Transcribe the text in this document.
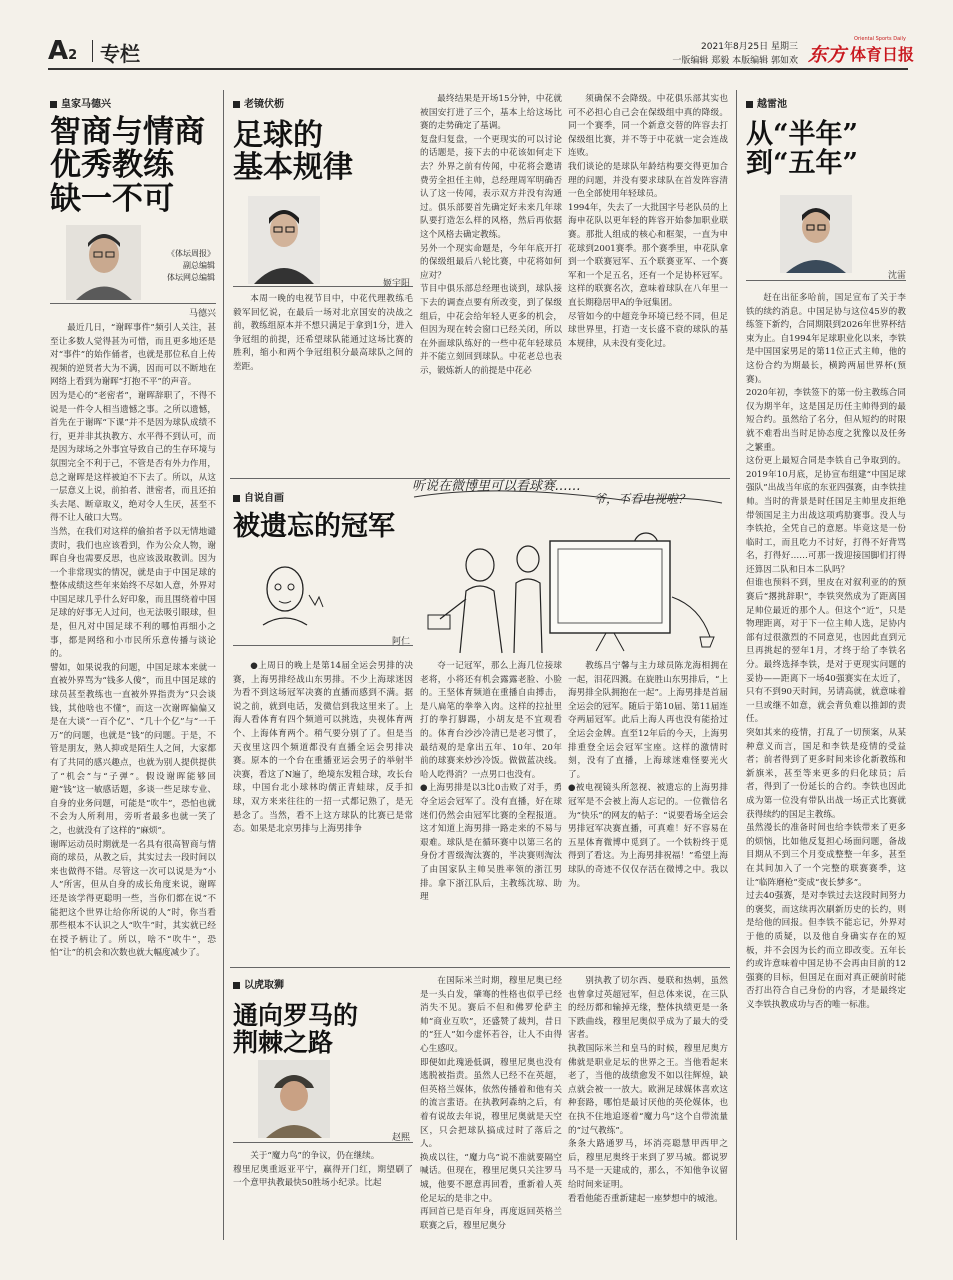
A2 专栏	2021年8月25日 星期三
一版编辑 郑毅 本版编辑 郭如欢
Oriental Sports Daily
东方 体育日报
皇家马德兴
智商与情商
优秀教练
缺一不可
《体坛周报》
副总编辑
体坛网总编辑
马德兴
最近几日，“谢晖事件”频引人关注，甚至让多数人觉得甚为可惜，而且更多地还是对“事件”的始作俑者，也就是那位私自上传视频的逆贤者大为不满，因而可以不断地在网络上看到为谢晖“打抱不平”的声音。
因为是心的“老密者”，谢晖辞职了，不得不说是一件令人相当遗憾之事。之所以遗憾，首先在于谢晖“下课”并不是因为球队成绩不行，更并非其执教方、水平得不到认可，而是因为球场之外事宜导致自己的生存环境与氛围完全不利于己，不管是否有外力作用，总之谢晖是这样被迫不下去了。所以，从这一层意义上说，前拍者、泄密者，而且还拍头去尾、断章取义，绝对令人生厌，甚至不得不让人破口大骂。
当然，在我们对这样的偷拍者予以无情地谴责时，我们也应该看到，作为公众人物，谢晖自身也需要反思，也应该汲取教训。因为一个非常现实的情况，就是由于中国足球的整体成绩这些年来始终不尽如人意，外界对中国足球几乎什么好印象，而且围绕着中国足球的好事无人过问，也无法吸引眼球，但是，但凡对中国足球不利的哪怕再细小之事，都是网络和小市民所乐意传播与谈论的。
譬如，如果说我的问题，中国足球本来就一直被外界骂为“钱多人傻”，而且中国足球的球员甚至教练也一直被外界指责为“只会谈钱，其他啥也不懂”，而这一次谢晖偏偏又是在大谈“一百个亿”、“几十个亿”与“一千万”的问题，也就是“钱”的问题。于是，不管是朋友，熟人抑或是陌生人之间，大家都有了共同的感兴趣点，也就为别人提供提供了“机会”与“子弹”。假设谢晖能够回避“钱”这一敏感话题，多谈一些足球专业、自身的业务问题，可能是“吹牛”，恐怕也就不会为人所利用，旁听者最多也就一笑了之，也就没有了这样的“麻烦”。
谢晖运动员时期就是一名具有很高智商与情商的球员，从教之后，其实过去一段时间以来也做得不错。尽管这一次可以说是为“小人”所害，但从自身的成长角度来说，谢晖还是该学得更聪明一些，当你们都在说“不能把这个世界让给你所说的人”时，你当看那些根本不认识之人“吹牛”时，其实就已经在授予柄让了。所以，啥不“吹牛”，恐怕“让”的机会和次数也就大幅度减少了。
老镜伏枥
足球的
基本规律
姬宇阳
本周一晚的电视节目中，中花代理教练毛毅军回忆说，在最后一场对北京国安的决战之前，教练组原本并不想只满足于拿到1分，进入争冠组的前提，还希望球队能通过这场比赛的胜利，缩小和两个争冠组积分最高球队之间的差距。
最终结果是开场15分钟，中花就被国安打进了三个，基本上给这场比赛的走势确定了基调。
复盘归复盘，一个更现实的可以讨论的话题是，接下去的中花该如何走下去？外界之前有传闻，中花将会邀请费劳全担任主帅，总经理周军明确否认了这一传闻，表示双方并没有沟通过。俱乐部要首先确定好未来几年球队要打造怎么样的风格，然后再依据这个风格去确定教练。
另外一个现实命题是，今年年底开打的保级组最后八轮比赛，中花将如何应对？
节目中俱乐部总经理也谈到，球队接下去的调查点要有所改变，到了保级组后，中花会给年轻人更多的机会，但因为现在转会窗口已经关闭，所以在外面球队练好的一些中花年轻球员并不能立刻回到球队。中花老总也表示，锻炼新人的前提是中花必
须确保不会降级。中花俱乐部其实也可不必担心自己会在保级组中真的降级。同一个赛季，同一个新意交替的阵容去打保级组比赛，并不等于中花就一定会连战连败。
我们谈论的是球队年龄结构要交得更加合理的问题，并没有要求球队在首发阵容清一色全部使用年轻球员。
1994年，失去了一大批国字号老队员的上海申花队以更年轻的阵容开始参加职业联赛。那批人组成的核心和框架，一直为申花球到2001赛季。那个赛季里，申花队拿到一个联赛冠军、五个联赛亚军、一个赛军和一个足五名，还有一个足协杯冠军。这样的联赛名次，意味着球队在八年里一直长期稳居甲A的争冠集团。
尽管如今的中超竞争环境已经不同，但足球世界里，打造一支长盛不衰的球队的基本规律，从未没有变化过。
越雷池
从“半年”
到“五年”
沈雷
赶在出征多哈前，国足宣布了关于李铁的续约消息。中国足协与这位45岁的教练签下新约，合同期限到2026年世界杯结束为止。自1994年足球职业化以来，李铁是中国国家男足的第11位正式主帅，他的这份合约为期最长，横跨两届世界杯(预赛)。
2020年初，李铁签下的第一份主教练合同仅为期半年，这是国足历任主帅得到的最短合约。虽然给了名分，但从短约的时限就不难看出当时足协态度之犹豫以及任务之繁重。
这份更上最短合同是李铁自己争取到的。2019年10月底，足协宣布组建“中国足球强队”出战当年底的东亚四强赛，由李铁挂帅。当时的背景是时任国足主帅里皮拒绝带领国足主力出战这项鸡肋赛事。没人与李铁抢，全凭自己的意愿。毕竟这是一份临时工，而且吃力不讨好，打得不好背骂名，打得好……可那一拨迎接国脚们打得还算因二队和日本二队吗？
但谁也预料不到，里皮在对叙利亚的的预赛后“撂挑辞职”，李铁突然成为了距离国足帅位最近的那个人。但这个“近”，只是物理距离，对于下一位主帅人选，足协内部有过很激烈的不同意见，也因此直到元旦再挑起的翌年1月，才终于给了李铁名分。最终选择李铁，是对于更现实问题的妥协——距离下一场40强赛实在太近了，只有不到90天时间，另请高就，就意味着一旦或继不如意，就会背负难以推卸的责任。
突如其来的疫情，打乱了一切预案，从某种意义而言，国足和李铁是疫情的受益者；前者得到了更多时间来诊化新教练和新旗米，甚至等来更多的归化球员；后者，得到了一份延长的合约。李铁也因此成为第一位没有带队出战一场正式比赛就获得续约的国足主教练。
虽然漫长的准备时间也给李铁带来了更多的烦恼，比如他反复担心场面问题，备战目期从不到三个月变成整整一年多，甚至在其间加入了一个完整的联赛赛季，这让“临阵磨枪”变成“夜长梦多”。
过去40强赛，是对李铁过去这段时间努力的褒奖，而这续再次刷新历史的长约，则是给他的回报。但李铁不能忘记，外界对于他的质疑，以及他自身确实存在的短板，并不会因为长约而立即改变。五年长约或许意味着中国足协不会再由目前的12强赛的目标，但国足在面对真正硬前时能否打出符合自己身份的内容，才是最终定义李铁执教成功与否的唯一标准。
自说自画
被遗忘的冠军
阿仁
听说在微博里可以看球赛……
爷，不看电视啦？
●上周日的晚上是第14届全运会男排的决赛，上海男排经战山东男排。不少上海球迷因为看不到这场冠军决赛的直播而感到不满。据说之前，就到电话，发微信到我这里来了。上海人看体育有四个频道可以挑选，央视体育两个、上海体育两个。稍气要分别了了。但是当天夜里这四个频道都没有直播全运会男排决赛。原本的一个台在重播亚运会男子的举射半决赛，看这了N遍了，绝境东发粗合球，攻长台球，中国台北小球林昀儒正青蛙球，反手扣球，双方来来往往的一招一式都记熟了，是无悬念了。当然，看不上这方球队的比赛已是常态。如果是北京男排与上海男排争
夺一记冠军，那么上海几位接球老将，小将还有机会露露老脸、小脸的。王坚体育频道在重播自由搏击，是八扁笔的拳拳入肉。这样的拉扯里打的拳打脚踢，小胡友是不宜观看的。体育台沙沙冷清已是老习惯了，最结观的是拿出五年、10年、20年前的球赛来炒沙冷饭。做做蓝决线。哈人吃得消？一点男口也没有。
●上海男排是以3比0击败了对手，勇夺全运会冠军了。没有直播，好在球迷们仍然会由冠军比赛的全程报道。这才知道上海男排一路走来的不易与艰难。球队是在循环赛中以第三名的身份才晋级淘汰赛的，半决赛则淘汰了由国家队主帅吴胜率领的浙江男排。拿下浙江队后，主教练沈琼、助理
教练吕宁馨与主力球员陈龙海相拥在一起，泪花四溅。在旋胜山东男排后，“上海男排全队拥抱在一起”。上海男排是首届全运会的冠军。随后于第10届、第11届连夺两届冠军。此后上海人再也没有能拾过全运会金牌。直至12年后的今天，上海男排重登全运会冠军宝座。这样的激情时刻，没有了直播，上海球迷难怪要光火了。
●被电视镜头所忽视、被遗忘的上海男排冠军是不会被上海人忘记的。一位微信名为“快乐”的网友的帖子：“说要看场全运会男排冠军决赛直播，可真难！好不容易在五星体育微博中觅到了。一个铁粉终于觅得到了看这。为上海男排祝福！”希望上海球队的奇迹不仅仅存活在微博之中。我以为。
以虎取狮
通向罗马的
荆棘之路
赵熙
关于“魔力鸟”的争议，仍在继续。
穆里尼奥重返亚平宁，赢得开门红，期望刷了一个意甲执教最快50胜场小纪录。比起
在国际米兰时期，穆里尼奥已经是一头白发，肇骞的性格也似乎已经消失不见。赛后不但和佛罗伦萨主帅“商业互吹”，还盛赞了裁判，昔日的“狂人”如今虚怀若谷，让人不由得心生感叹。
即便如此瑰逊低调，穆里尼奥也没有逃脱被指责。虽然人已经不在英超，但英格兰媒体，依然传播着和他有关的流言蜚语。在执教阿森纳之后，有着有说故去年说，穆里尼奥就是天空区，只会把球队搞成过时了落后之人。
换成以往，“魔力鸟”说不准就要隔空喊话。但现在，穆里尼奥只关注罗马城，他要不愿意再回看，重新着人英伦足坛的是非之中。
再回首已是百年身，再度返回英格兰联赛之后，穆里尼奥分
别执教了切尔西、曼联和热刺，虽然也曾拿过英超冠军，但总体来说，在三队的经历都和输掉无缘，整体执绩更是一条下跌曲线，穆里尼奥似乎成为了最大的受害者。
执教国际米兰和皇马的时候，穆里尼奥方佛就是职业足坛的世界之王。当他看起来老了，当他的战绩愈发不如以往辉煌，缺点就会被一一放大。欧洲足球媒体喜欢这种套路，哪怕是最讨厌他的英伦媒体，也在执不住地追逐着“魔力鸟”这个自带流量的“过气教练”。
条条大路通罗马，坏消亮聪慧甲西甲之后，穆里尼奥终于来到了罗马城。都说罗马不是一天建成的，那么，不知他争议留给时间来证明。
看看他能否重新建起一座梦想中的城池。
